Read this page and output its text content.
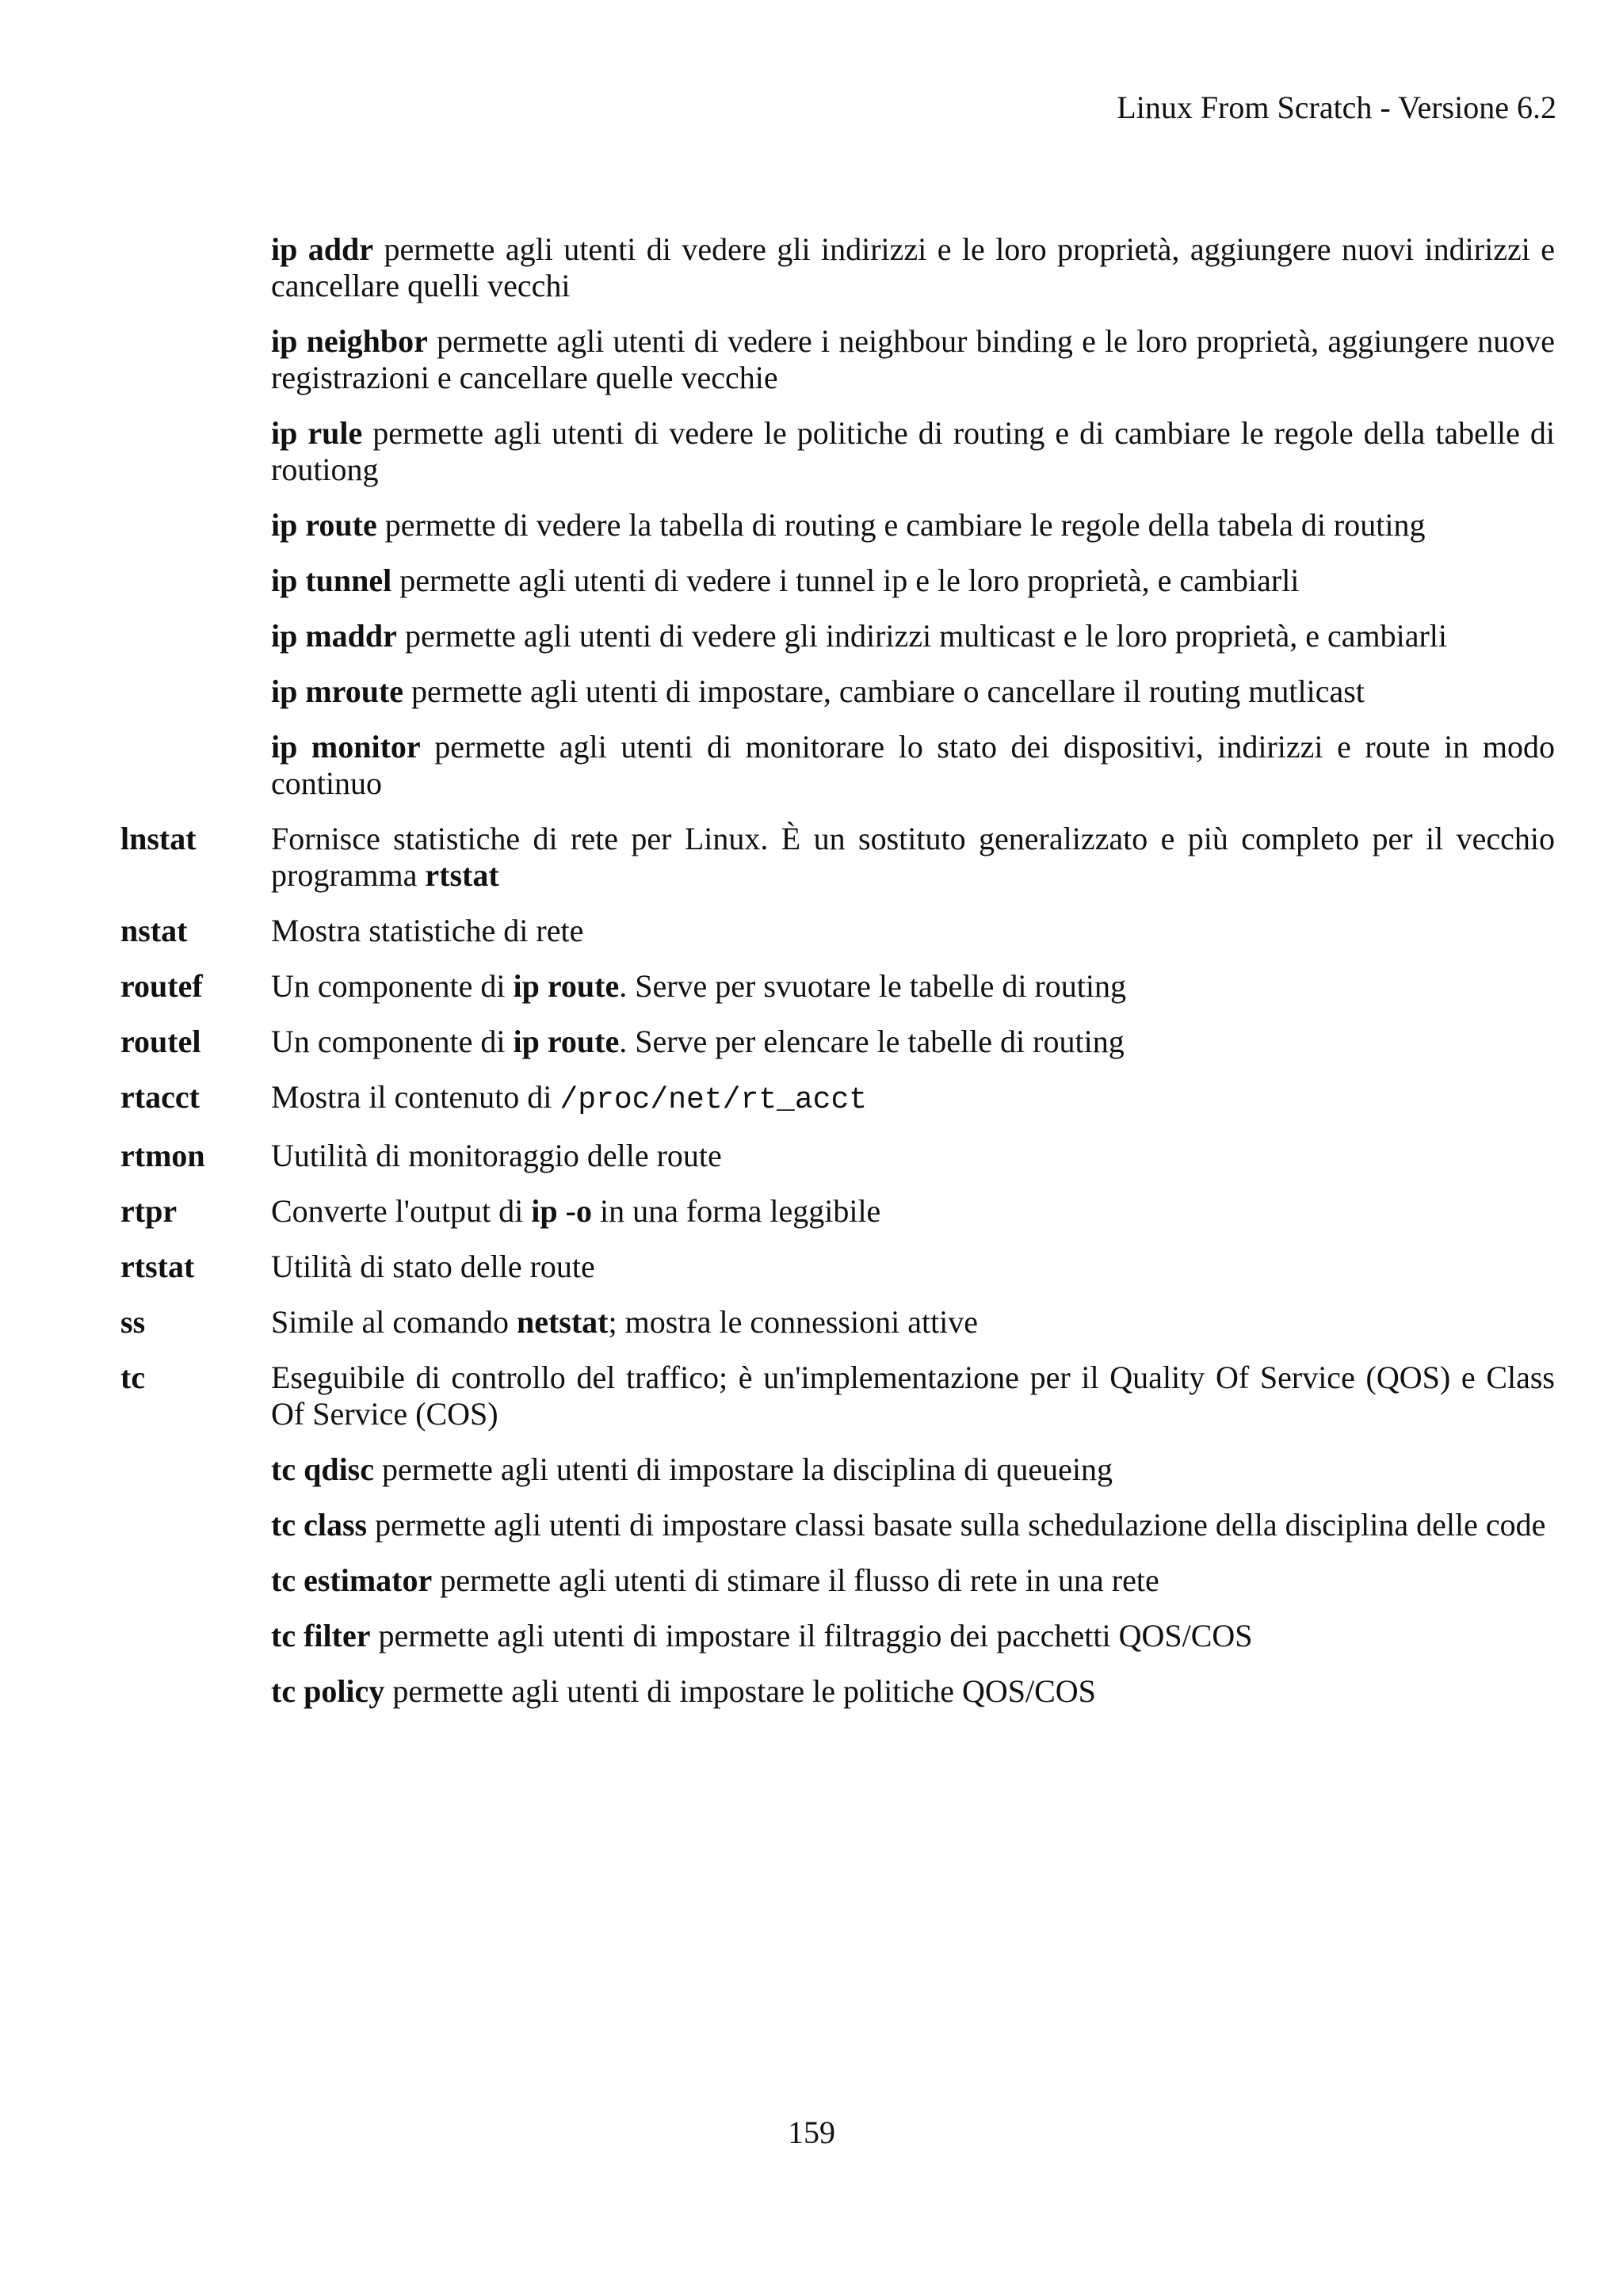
Linux From Scratch - Versione 6.2
ip addr permette agli utenti di vedere gli indirizzi e le loro proprietà, aggiungere nuovi indirizzi e cancellare quelli vecchi
ip neighbor permette agli utenti di vedere i neighbour binding e le loro proprietà, aggiungere nuove registrazioni e cancellare quelle vecchie
ip rule permette agli utenti di vedere le politiche di routing e di cambiare le regole della tabelle di routiong
ip route permette di vedere la tabella di routing e cambiare le regole della tabela di routing
ip tunnel permette agli utenti di vedere i tunnel ip e le loro proprietà, e cambiarli
ip maddr permette agli utenti di vedere gli indirizzi multicast e le loro proprietà, e cambiarli
ip mroute permette agli utenti di impostare, cambiare o cancellare il routing mutlicast
ip monitor permette agli utenti di monitorare lo stato dei dispositivi, indirizzi e route in modo continuo
lnstat	Fornisce statistiche di rete per Linux. È un sostituto generalizzato e più completo per il vecchio programma rtstat
nstat	Mostra statistiche di rete
routef	Un componente di ip route. Serve per svuotare le tabelle di routing
routel	Un componente di ip route. Serve per elencare le tabelle di routing
rtacct	Mostra il contenuto di /proc/net/rt_acct
rtmon	Uutilità di monitoraggio delle route
rtpr	Converte l'output di ip -o in una forma leggibile
rtstat	Utilità di stato delle route
ss	Simile al comando netstat; mostra le connessioni attive
tc	Eseguibile di controllo del traffico; è un'implementazione per il Quality Of Service (QOS) e Class Of Service (COS)
tc qdisc permette agli utenti di impostare la disciplina di queueing
tc class permette agli utenti di impostare classi basate sulla schedulazione della disciplina delle code
tc estimator permette agli utenti di stimare il flusso di rete in una rete
tc filter permette agli utenti di impostare il filtraggio dei pacchetti QOS/COS
tc policy permette agli utenti di impostare le politiche QOS/COS
159
